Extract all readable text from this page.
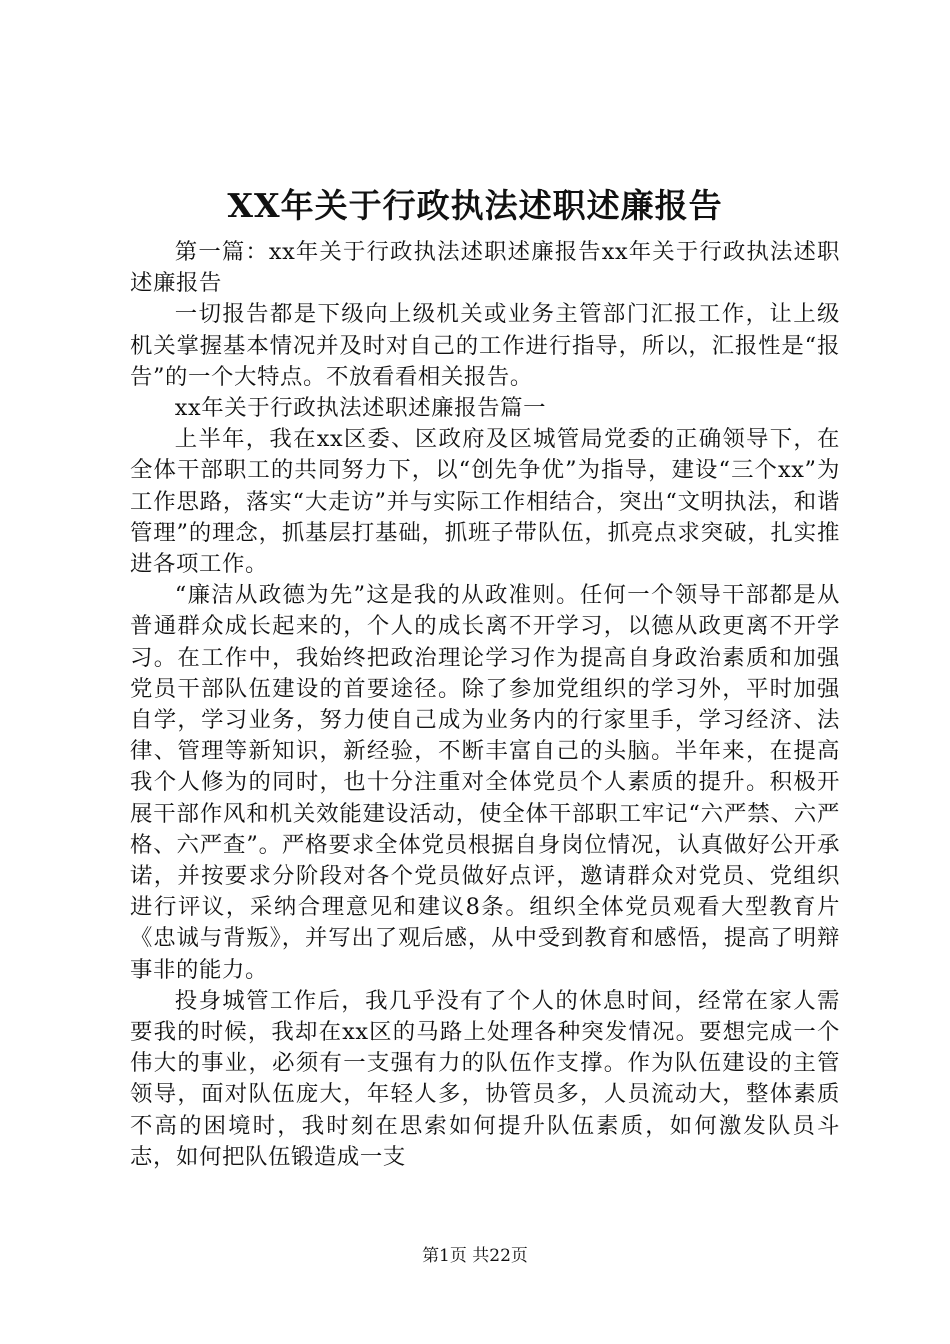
XX年关于行政执法述职述廉报告

第一篇：xx年关于行政执法述职述廉报告xx年关于行政执法述职述廉报告

一切报告都是下级向上级机关或业务主管部门汇报工作，让上级机关掌握基本情况并及时对自己的工作进行指导，所以，汇报性是“报告”的一个大特点。不放看看相关报告。

xx年关于行政执法述职述廉报告篇一

上半年，我在xx区委、区政府及区城管局党委的正确领导下，在全体干部职工的共同努力下，以“创先争优”为指导，建设“三个xx”为工作思路，落实“大走访”并与实际工作相结合，突出“文明执法，和谐管理”的理念，抓基层打基础，抓班子带队伍，抓亮点求突破，扎实推进各项工作。

“廉洁从政德为先”这是我的从政准则。任何一个领导干部都是从普通群众成长起来的，个人的成长离不开学习，以德从政更离不开学习。在工作中，我始终把政治理论学习作为提高自身政治素质和加强党员干部队伍建设的首要途径。除了参加党组织的学习外，平时加强自学，学习业务，努力使自己成为业务内的行家里手，学习经济、法律、管理等新知识，新经验，不断丰富自己的头脑。半年来，在提高我个人修为的同时，也十分注重对全体党员个人素质的提升。积极开展干部作风和机关效能建设活动，使全体干部职工牢记“六严禁、六严格、六严查”。严格要求全体党员根据自身岗位情况，认真做好公开承诺，并按要求分阶段对各个党员做好点评，邀请群众对党员、党组织进行评议，采纳合理意见和建议8条。组织全体党员观看大型教育片《忠诚与背叛》，并写出了观后感，从中受到教育和感悟，提高了明辩事非的能力。

投身城管工作后，我几乎没有了个人的休息时间，经常在家人需要我的时候，我却在xx区的马路上处理各种突发情况。要想完成一个伟大的事业，必须有一支强有力的队伍作支撑。作为队伍建设的主管领导，面对队伍庞大，年轻人多，协管员多，人员流动大，整体素质不高的困境时，我时刻在思索如何提升队伍素质，如何激发队员斗志，如何把队伍锻造成一支

第1页 共22页
